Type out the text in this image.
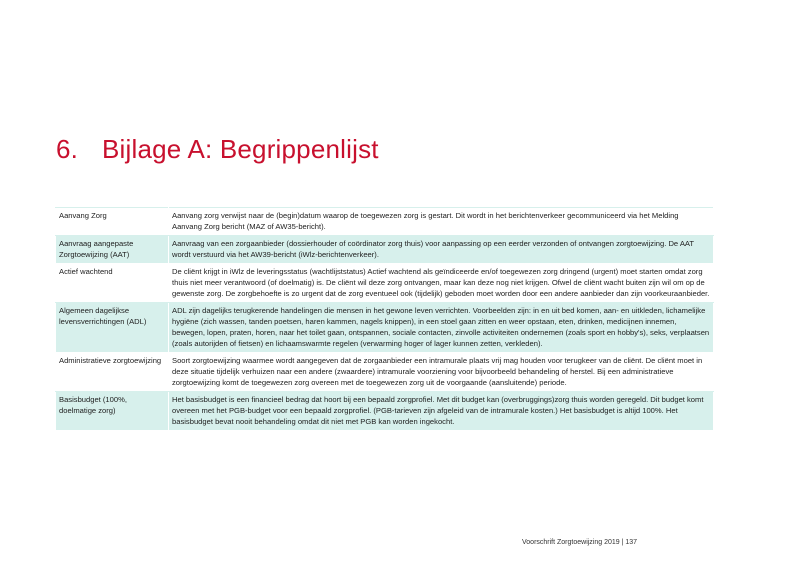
6. Bijlage A: Begrippenlijst
Aanvang Zorg	Aanvang zorg verwijst naar de (begin)datum waarop de toegewezen zorg is gestart. Dit wordt in het berichtenverkeer gecommuniceerd via het Melding Aanvang Zorg bericht (MAZ of AW35-bericht).
Aanvraag aangepaste Zorgtoewijzing (AAT)	Aanvraag van een zorgaanbieder (dossierhouder of coördinator zorg thuis) voor aanpassing op een eerder verzonden of ontvangen zorgtoewijzing. De AAT wordt verstuurd via het AW39-bericht (iWlz-berichtenverkeer).
Actief wachtend	De cliënt krijgt in iWlz de leveringsstatus (wachtlijststatus) Actief wachtend als geïndiceerde en/of toegewezen zorg dringend (urgent) moet starten omdat zorg thuis niet meer verantwoord (of doelmatig) is. De cliënt wil deze zorg ontvangen, maar kan deze nog niet krijgen. Ofwel de cliënt wacht buiten zijn wil om op de gewenste zorg. De zorgbehoefte is zo urgent dat de zorg eventueel ook (tijdelijk) geboden moet worden door een andere aanbieder dan zijn voorkeuraanbieder.
Algemeen dagelijkse levensverrichtingen (ADL)	ADL zijn dagelijks terugkerende handelingen die mensen in het gewone leven verrichten. Voorbeelden zijn: in en uit bed komen, aan- en uitkleden, lichamelijke hygiëne (zich wassen, tanden poetsen, haren kammen, nagels knippen), in een stoel gaan zitten en weer opstaan, eten, drinken, medicijnen innemen, bewegen, lopen, praten, horen, naar het toilet gaan, ontspannen, sociale contacten, zinvolle activiteiten ondernemen (zoals sport en hobby's), seks, verplaatsen (zoals autorijden of fietsen) en lichaamswarmte regelen (verwarming hoger of lager kunnen zetten, verkleden).
Administratieve zorgtoewijzing	Soort zorgtoewijzing waarmee wordt aangegeven dat de zorgaanbieder een intramurale plaats vrij mag houden voor terugkeer van de cliënt. De cliënt moet in deze situatie tijdelijk verhuizen naar een andere (zwaardere) intramurale voorziening voor bijvoorbeeld behandeling of herstel. Bij een administratieve zorgtoewijzing komt de toegewezen zorg overeen met de toegewezen zorg uit de voorgaande (aansluitende) periode.
Basisbudget (100%, doelmatige zorg)	Het basisbudget is een financieel bedrag dat hoort bij een bepaald zorgprofiel. Met dit budget kan (overbruggings)zorg thuis worden geregeld. Dit budget komt overeen met het PGB-budget voor een bepaald zorgprofiel. (PGB-tarieven zijn afgeleid van de intramurale kosten.) Het basisbudget is altijd 100%. Het basisbudget bevat nooit behandeling omdat dit niet met PGB kan worden ingekocht.
Voorschrift Zorgtoewijzing 2019 | 137
